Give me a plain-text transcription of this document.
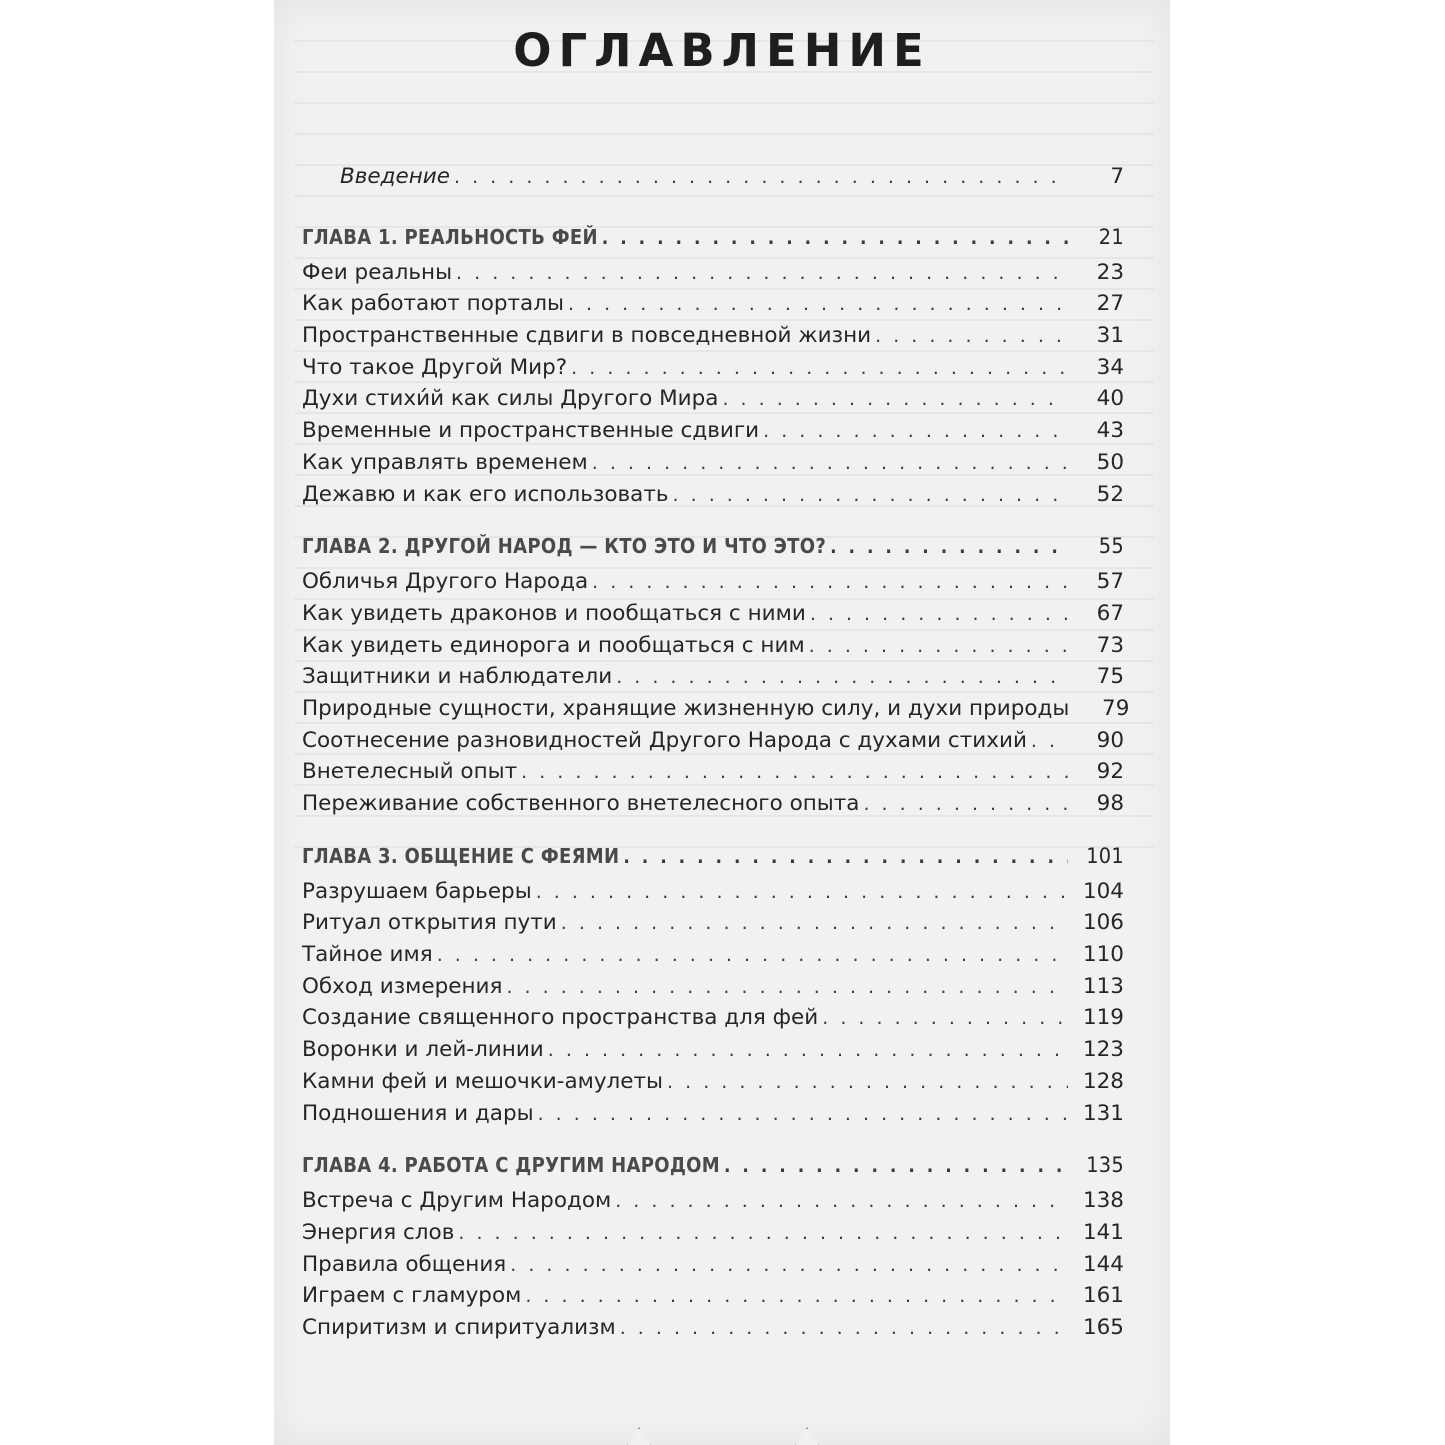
ОГЛАВЛЕНИЕ
Введение . . .	7
ГЛАВА 1. РЕАЛЬНОСТЬ ФЕЙ . . .	21
Феи реальны . . .	23
Как работают порталы . . .	27
Пространственные сдвиги в повседневной жизни . . .	31
Что такое Другой Мир? . . .	34
Духи стихи́й как силы Другого Мира . . .	40
Временные и пространственные сдвиги . . .	43
Как управлять временем . . .	50
Дежавю и как его использовать . . .	52
ГЛАВА 2. ДРУГОЙ НАРОД — КТО ЭТО И ЧТО ЭТО? . . .	55
Обличья Другого Народа . . .	57
Как увидеть драконов и пообщаться с ними . . .	67
Как увидеть единорога и пообщаться с ним . . .	73
Защитники и наблюдатели . . .	75
Природные сущности, хранящие жизненную силу, и духи природы	79
Соотнесение разновидностей Другого Народа с духами стихий . . .	90
Внетелесный опыт . . .	92
Переживание собственного внетелесного опыта . . .	98
ГЛАВА 3. ОБЩЕНИЕ С ФЕЯМИ . . .	101
Разрушаем барьеры . . .	104
Ритуал открытия пути . . .	106
Тайное имя . . .	110
Обход измерения . . .	113
Создание священного пространства для фей . . .	119
Воронки и лей-линии . . .	123
Камни фей и мешочки-амулеты . . .	128
Подношения и дары . . .	131
ГЛАВА 4. РАБОТА С ДРУГИМ НАРОДОМ . . .	135
Встреча с Другим Народом . . .	138
Энергия слов . . .	141
Правила общения . . .	144
Играем с гламуром . . .	161
Спиритизм и спиритуализм . . .	165
